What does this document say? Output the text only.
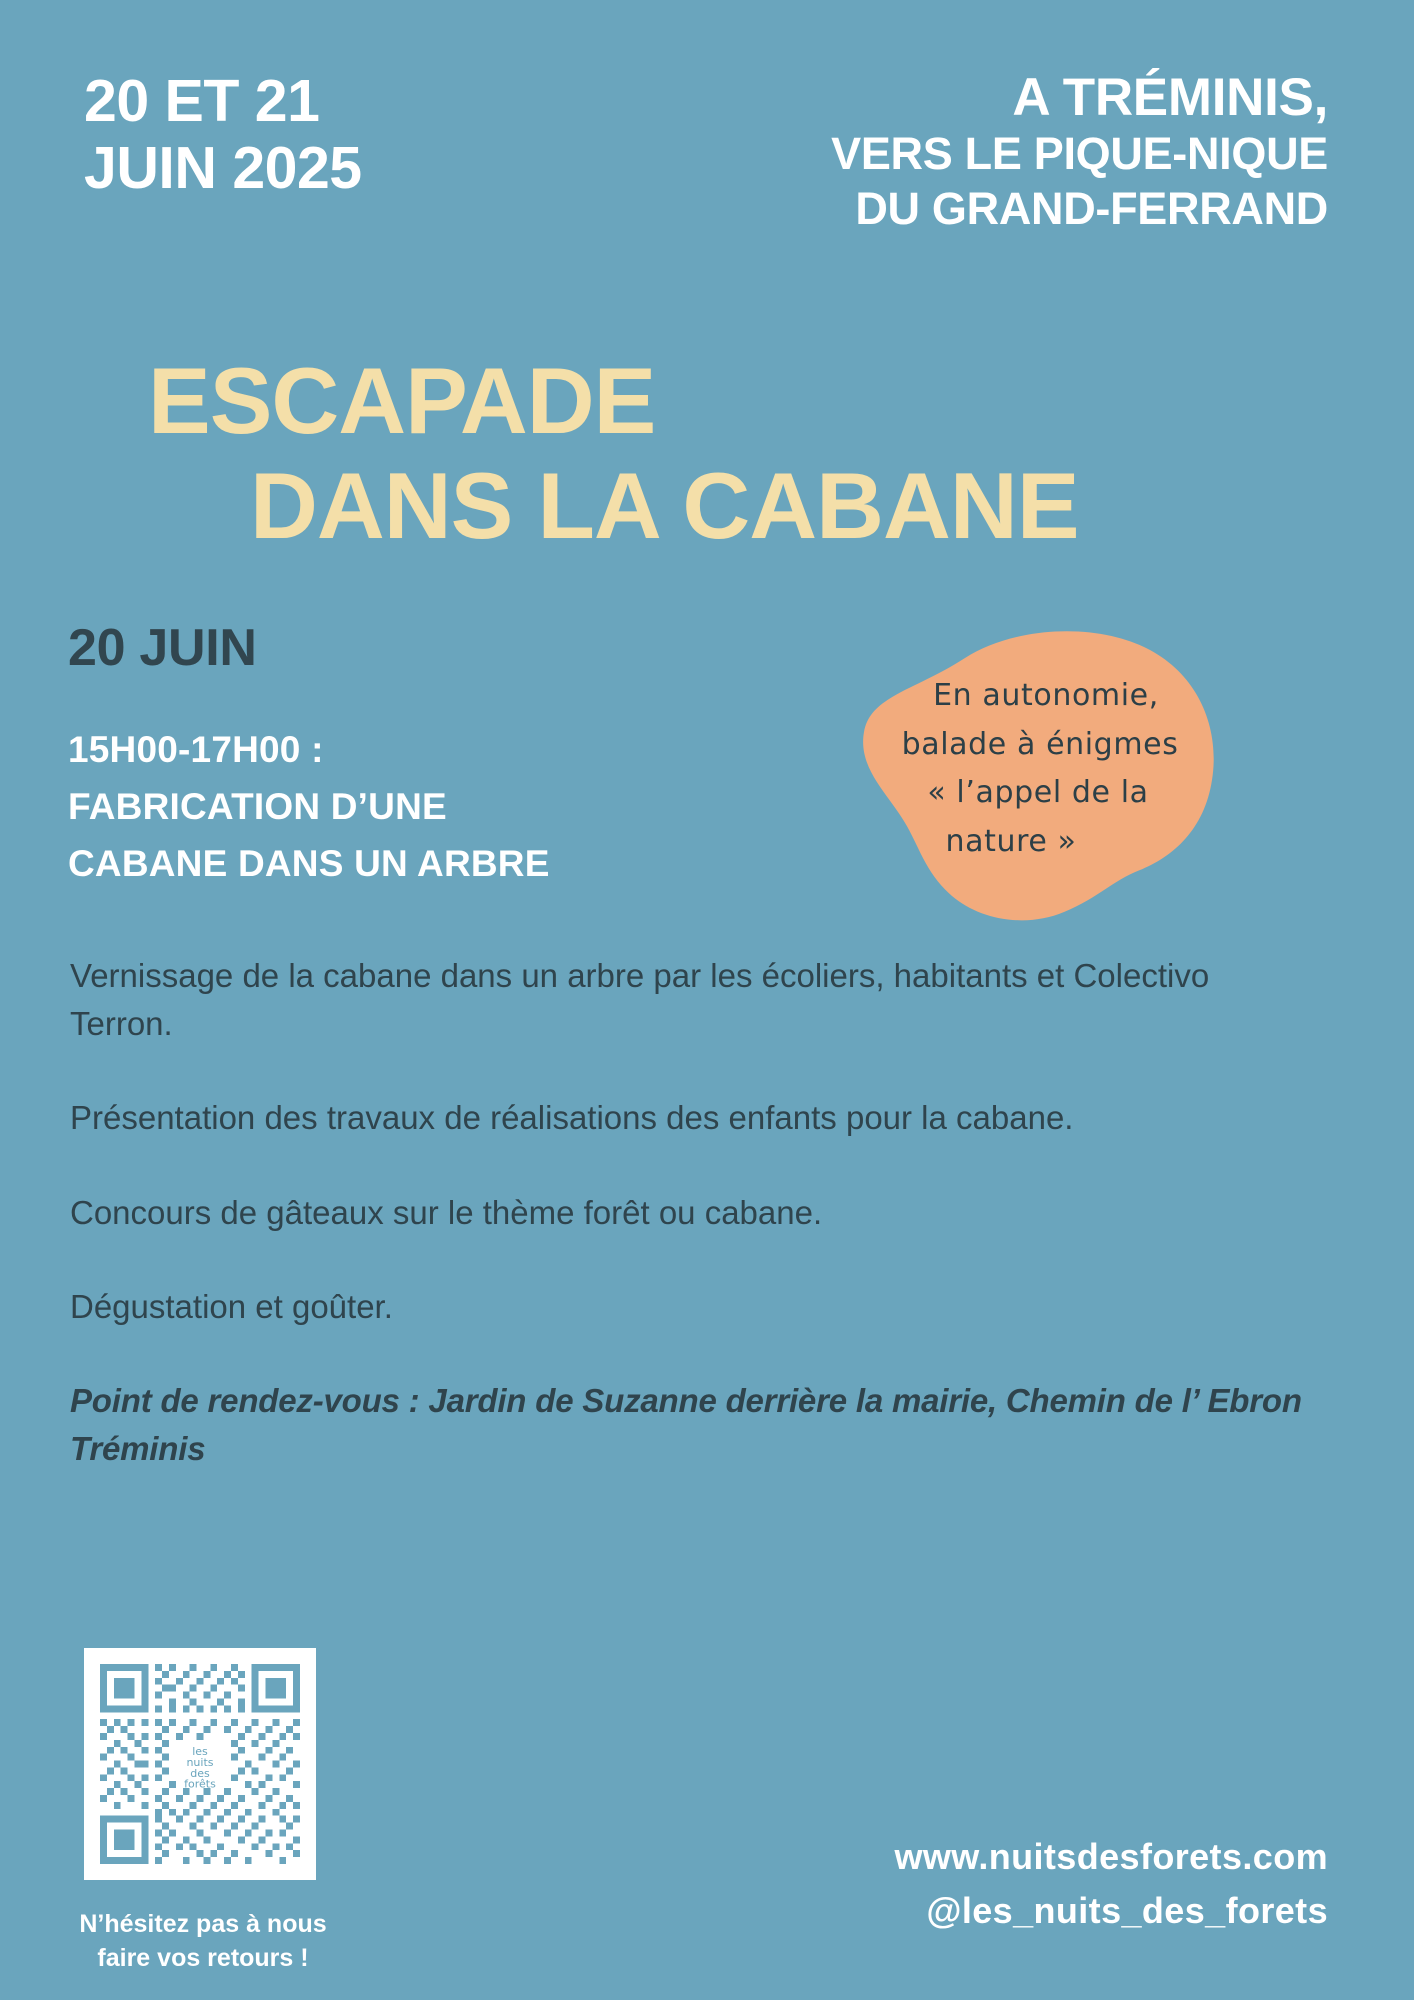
20 ET 21
JUIN 2025
A TRÉMINIS,
VERS LE PIQUE-NIQUE
DU GRAND-FERRAND
ESCAPADE
DANS LA CABANE
20 JUIN
15H00-17H00 :
FABRICATION D’UNE
CABANE DANS UN ARBRE
En autonomie,
balade à énigmes
« l’appel de la
nature »

Vernissage de la cabane dans un arbre par les écoliers, habitants et Colectivo Terron.

Présentation des travaux de réalisations des enfants pour la cabane.

Concours de gâteaux sur le thème forêt ou cabane.

Dégustation et goûter.

Point de rendez-vous : Jardin de Suzanne derrière la mairie, Chemin de l’ Ebron Tréminis

les
nuits
des
forêts
N’hésitez pas à nous
faire vos retours !
www.nuitsdesforets.com
@les_nuits_des_forets
